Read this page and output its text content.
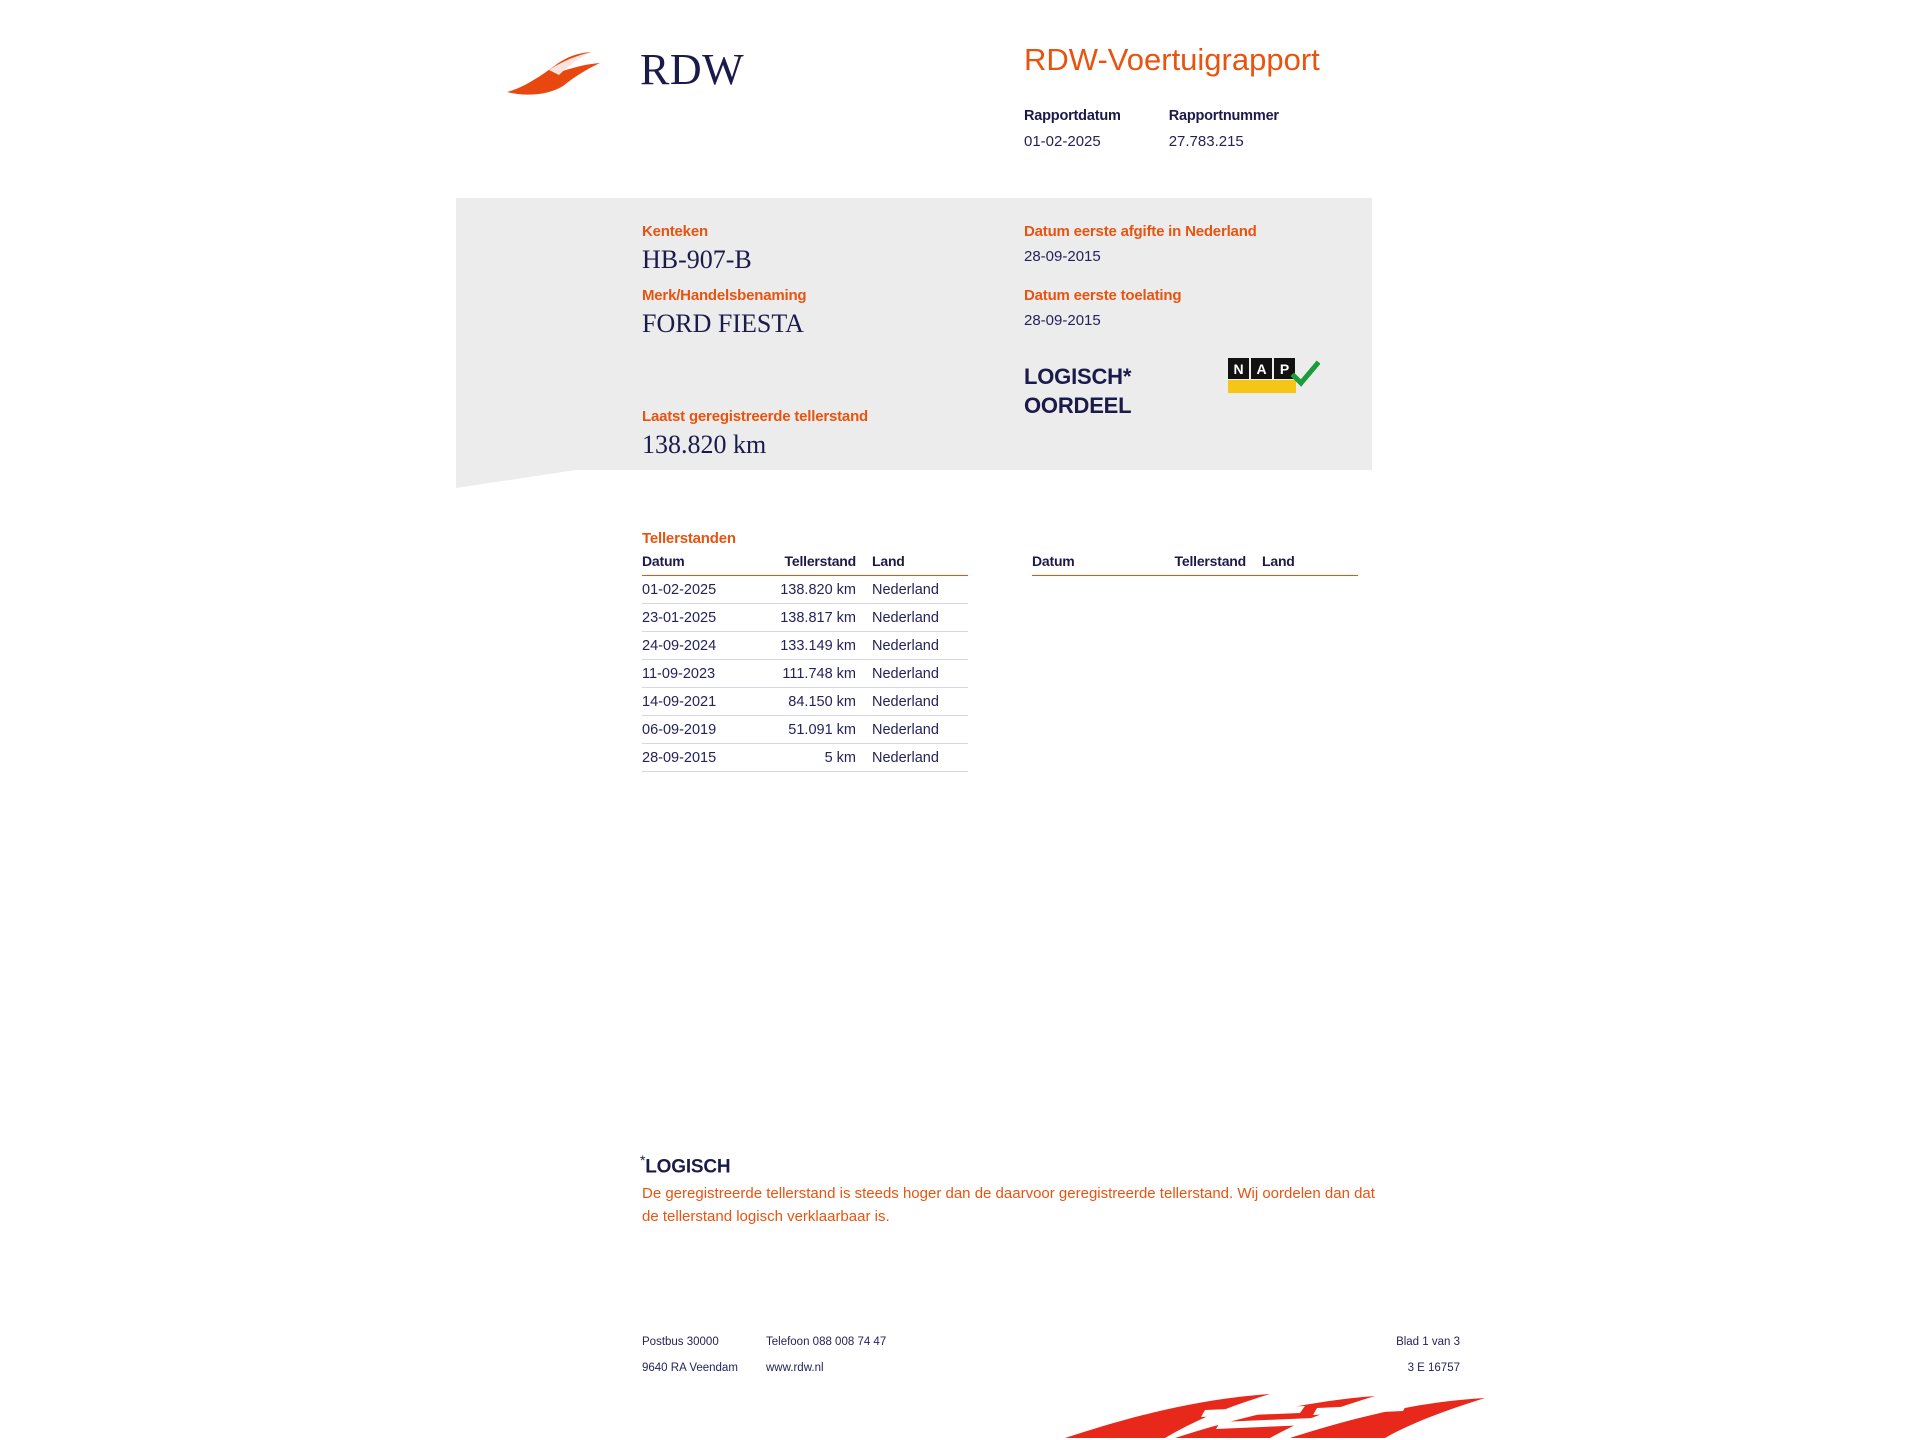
RDW	RDW-Voertuigrapport
Rapportdatum
01-02-2025
Rapportnummer
27.783.215
Kenteken
HB-907-B
Merk/Handelsbenaming
FORD FIESTA
Laatst geregistreerde tellerstand
138.820 km
Datum eerste afgifte in Nederland
28-09-2015
Datum eerste toelating
28-09-2015
LOGISCH*
OORDEEL
N A P
Tellerstanden
Datum	Tellerstand	Land
01-02-2025	138.820 km	Nederland
23-01-2025	138.817 km	Nederland
24-09-2024	133.149 km	Nederland
11-09-2023	111.748 km	Nederland
14-09-2021	84.150 km	Nederland
06-09-2019	51.091 km	Nederland
28-09-2015	5 km	Nederland
Datum	Tellerstand	Land
*LOGISCH
De geregistreerde tellerstand is steeds hoger dan de daarvoor geregistreerde tellerstand. Wij oordelen dan dat de tellerstand logisch verklaarbaar is.
Postbus 30000	Telefoon 088 008 74 47	Blad 1 van 3
9640 RA Veendam www.rdw.nl	3 E 16757
